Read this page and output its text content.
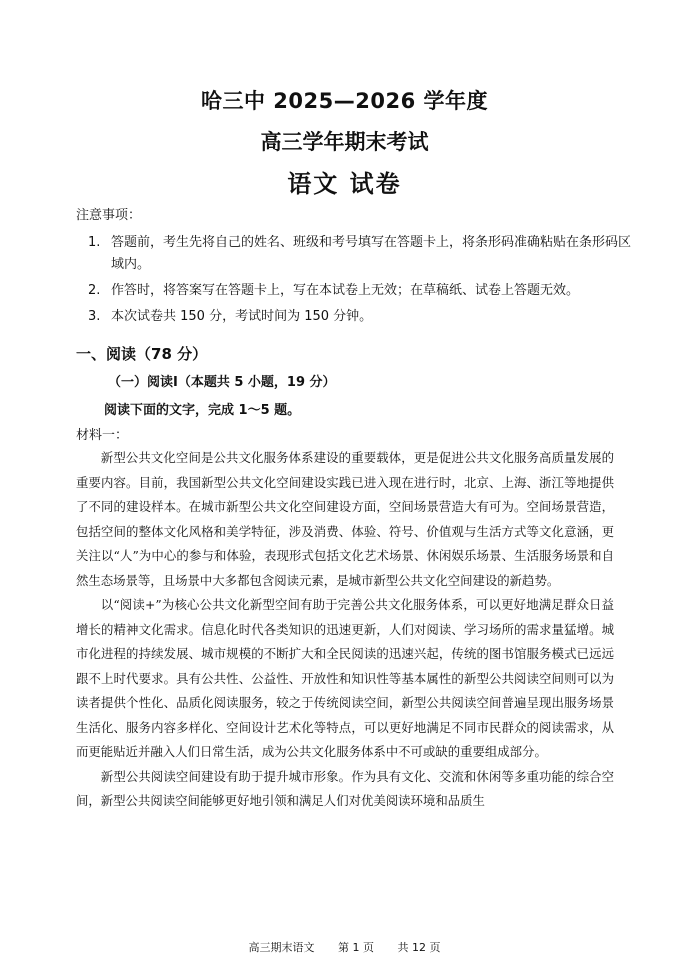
哈三中 2025—2026 学年度
高三学年期末考试
语文 试卷
注意事项：
1. 答题前，考生先将自己的姓名、班级和考号填写在答题卡上，将条形码准确粘贴在条形码区域内。
2. 作答时，将答案写在答题卡上，写在本试卷上无效；在草稿纸、试卷上答题无效。
3. 本次试卷共 150 分，考试时间为 150 分钟。
一、阅读（78 分）
（一）阅读Ⅰ（本题共 5 小题，19 分）
阅读下面的文字，完成 1～5 题。
材料一：

新型公共文化空间是公共文化服务体系建设的重要载体，更是促进公共文化服务高质量发展的重要内容。目前，我国新型公共文化空间建设实践已进入现在进行时，北京、上海、浙江等地提供了不同的建设样本。在城市新型公共文化空间建设方面，空间场景营造大有可为。空间场景营造，包括空间的整体文化风格和美学特征，涉及消费、体验、符号、价值观与生活方式等文化意涵，更关注以“人”为中心的参与和体验，表现形式包括文化艺术场景、休闲娱乐场景、生活服务场景和自然生态场景等，且场景中大多都包含阅读元素，是城市新型公共文化空间建设的新趋势。

以“阅读+”为核心公共文化新型空间有助于完善公共文化服务体系，可以更好地满足群众日益增长的精神文化需求。信息化时代各类知识的迅速更新，人们对阅读、学习场所的需求量猛增。城市化进程的持续发展、城市规模的不断扩大和全民阅读的迅速兴起，传统的图书馆服务模式已远远跟不上时代要求。具有公共性、公益性、开放性和知识性等基本属性的新型公共阅读空间则可以为读者提供个性化、品质化阅读服务，较之于传统阅读空间，新型公共阅读空间普遍呈现出服务场景生活化、服务内容多样化、空间设计艺术化等特点，可以更好地满足不同市民群众的阅读需求，从而更能贴近并融入人们日常生活，成为公共文化服务体系中不可或缺的重要组成部分。

新型公共阅读空间建设有助于提升城市形象。作为具有文化、交流和休闲等多重功能的综合空间，新型公共阅读空间能够更好地引领和满足人们对优美阅读环境和品质生

高三期末语文 第 1 页 共 12 页
